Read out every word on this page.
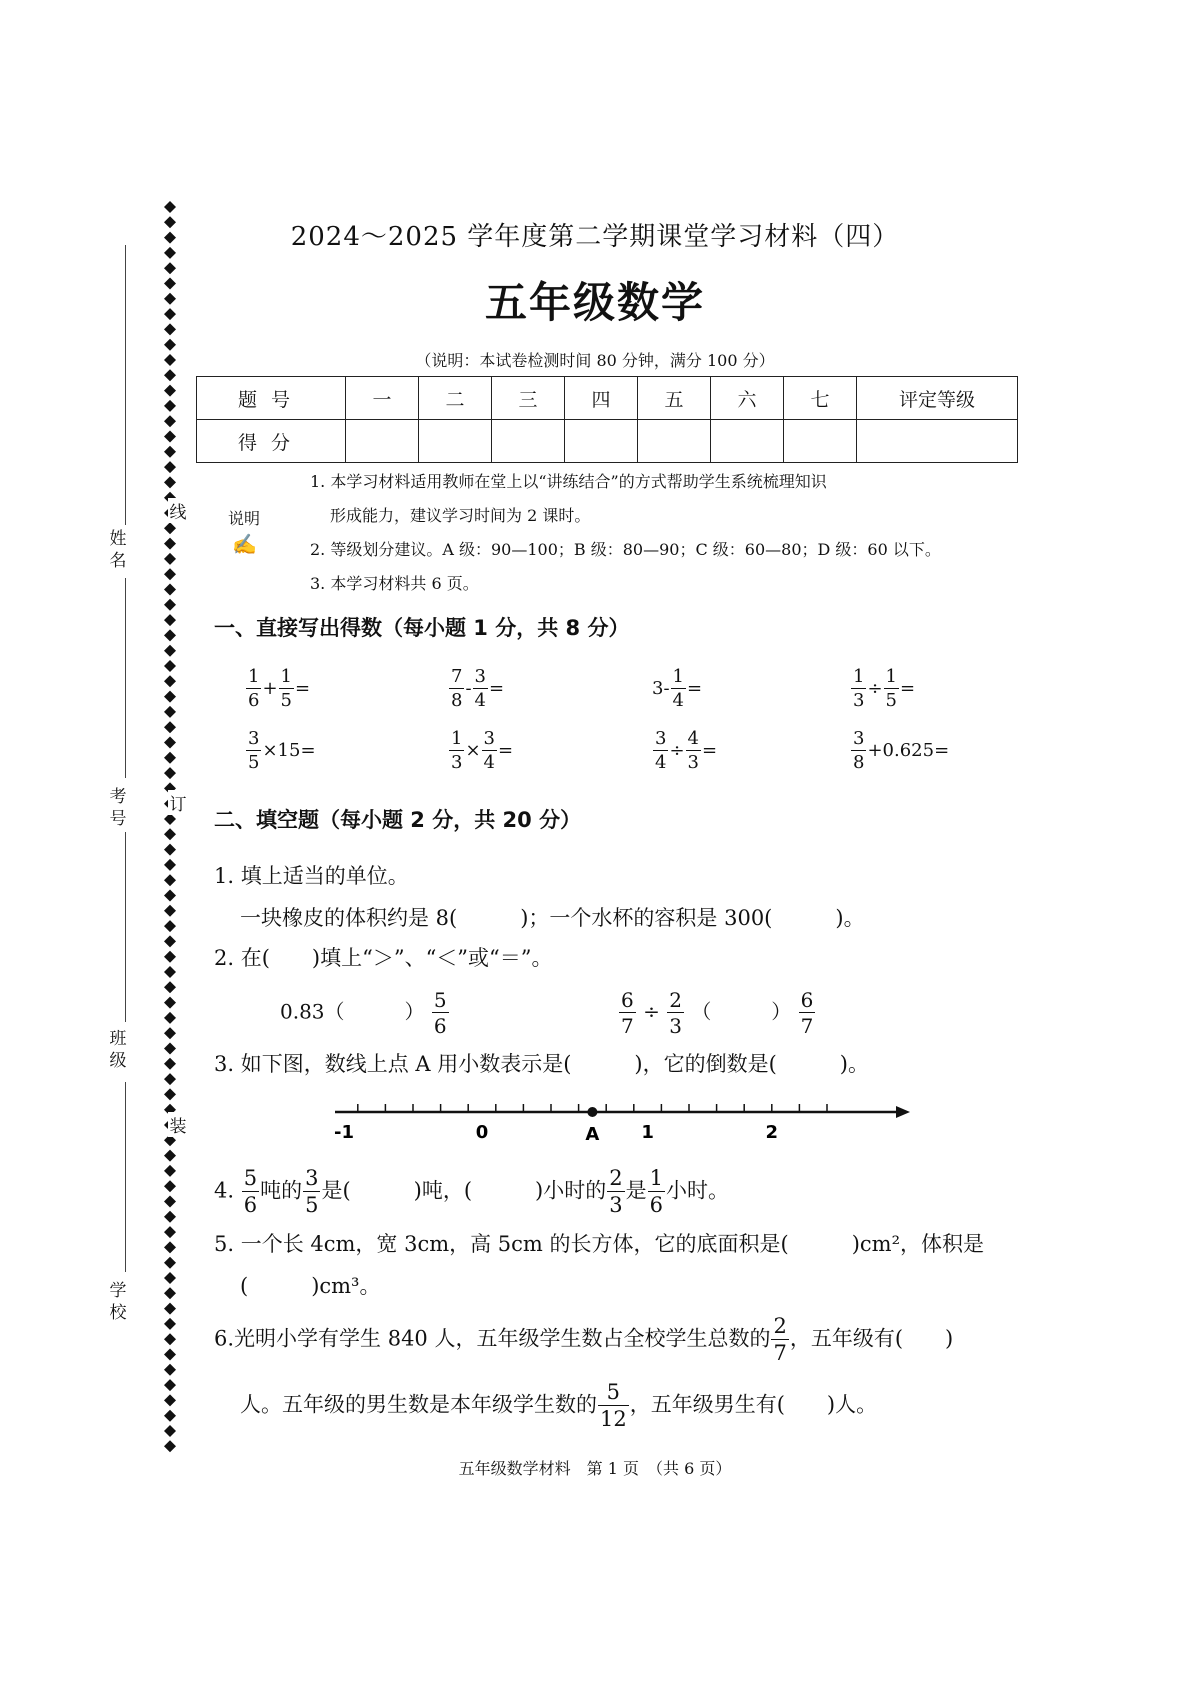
姓名
考号
班级
学校
线
订
装
2024～2025 学年度第二学期课堂学习材料（四）
五年级数学
（说明：本试卷检测时间 80 分钟，满分 100 分）
题号	一	二	三	四	五	六	七	评定等级
得分								
说明
✍
1. 本学习材料适用教师在堂上以“讲练结合”的方式帮助学生系统梳理知识
形成能力，建议学习时间为 2 课时。
2. 等级划分建议。A 级：90—100；B 级：80—90；C 级：60—80；D 级：60 以下。
3. 本学习材料共 6 页。
一、直接写出得数（每小题 1 分，共 8 分）
二、填空题（每小题 2 分，共 20 分）
1. 填上适当的单位。
一块橡皮的体积约是 8(　　　)；一个水杯的容积是 300(　　　)。
2. 在(　　)填上“＞”、“＜”或“＝”。
0.83（　　　） $\frac{5}{6}$	$\frac{6}{7} \div \frac{2}{3}$ （　　　） $\frac{6}{7}$
3. 如下图，数线上点 A 用小数表示是(　　　)，它的倒数是(　　　)。
-1	0	1	2
A
4. $\frac{5}{6}$ 吨的 $\frac{3}{5}$ 是(　　　)吨，(　　　)小时的 $\frac{2}{3}$ 是 $\frac{1}{6}$ 小时。
5. 一个长 4cm，宽 3cm，高 5cm 的长方体，它的底面积是(　　　)cm²，体积是
(　　　)cm³。
6.光明小学有学生 840 人，五年级学生数占全校学生总数的 $\frac{2}{7}$ ，五年级有(　　)
人。五年级的男生数是本年级学生数的 $\frac{5}{12}$ ，五年级男生有(　　)人。
五年级数学材料　第 1 页　（共 6 页）
$\frac{1}{6} + \frac{1}{5}$ =	$\frac{7}{8} - \frac{3}{4}$ =	$3- \frac{1}{4}$ =	$\frac{1}{3} \div \frac{1}{5}$ =
$\frac{3}{5} \times 15=$	$\frac{1}{3} \times \frac{3}{4}$ =	$\frac{3}{4} \div \frac{4}{3}$ =	$\frac{3}{8} +0.625=$
